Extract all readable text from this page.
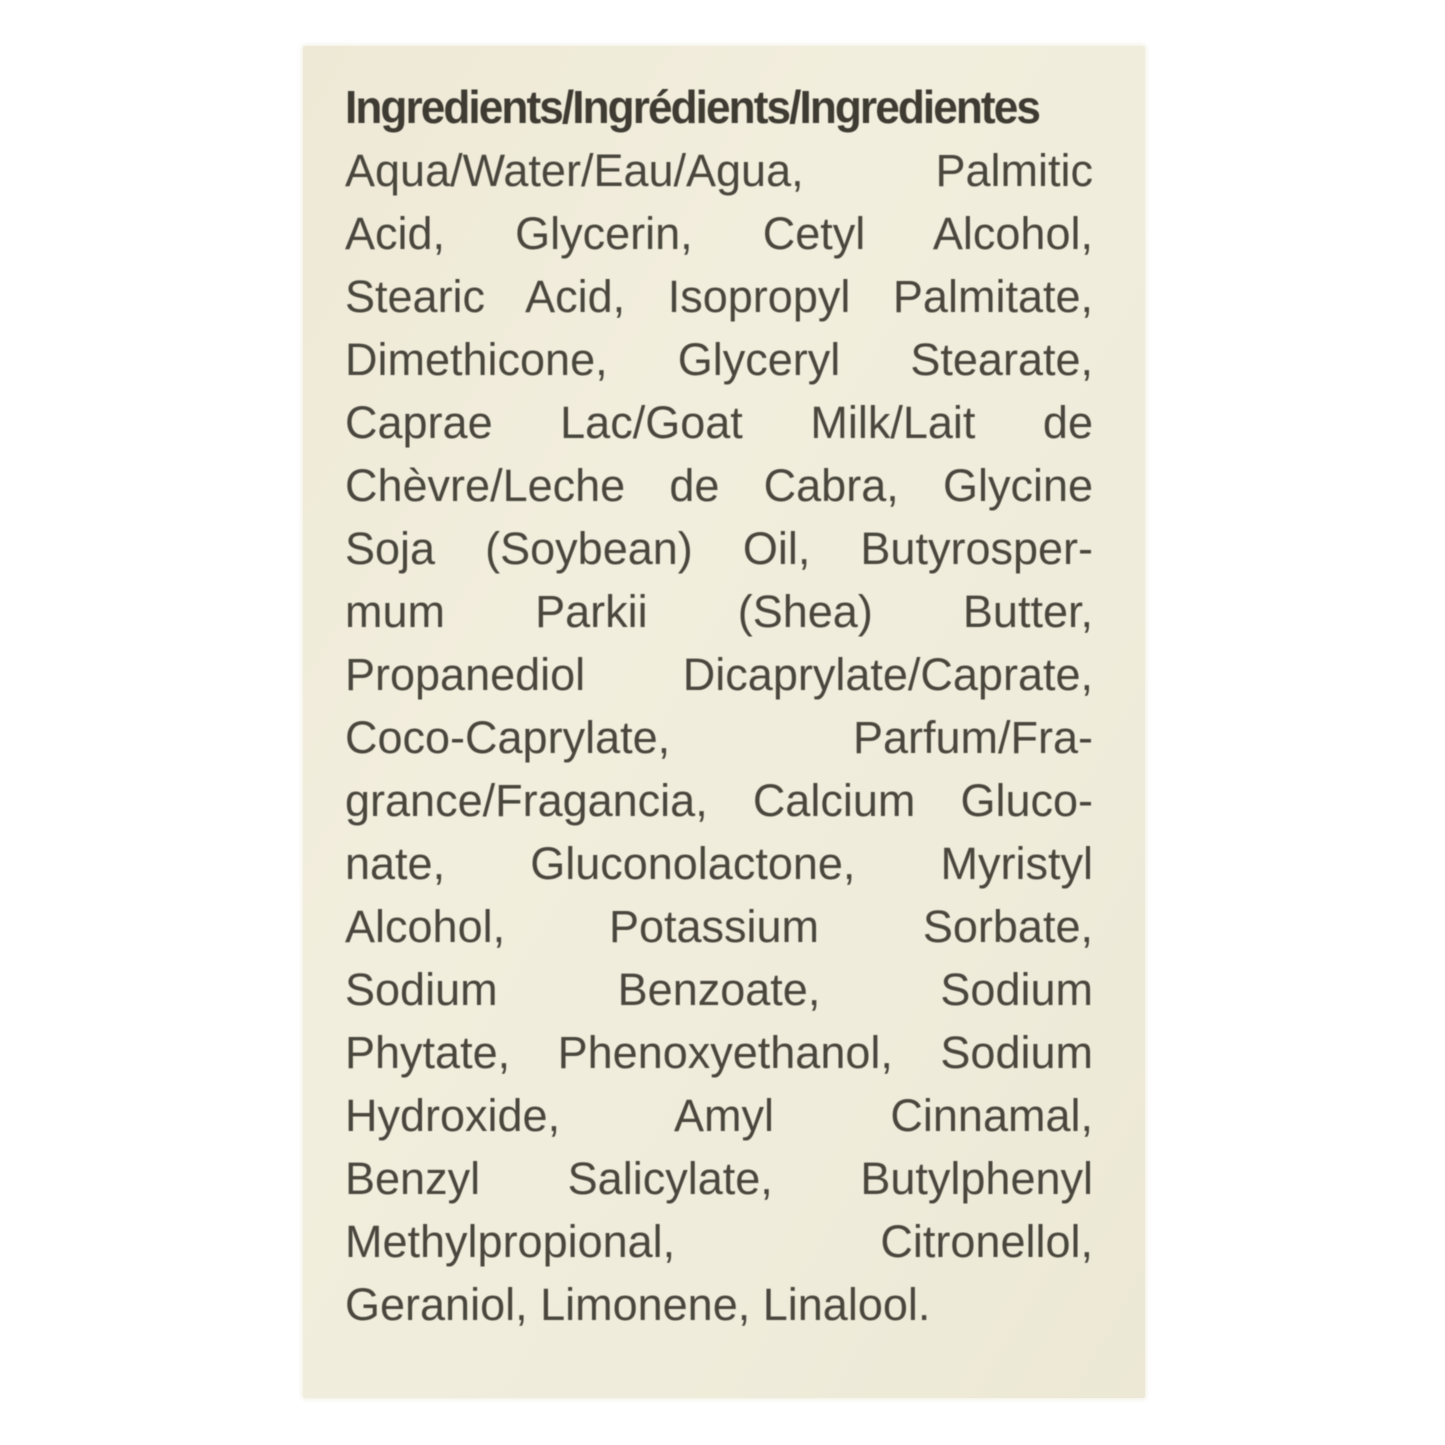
Ingredients/Ingrédients/Ingredientes
Aqua/Water/Eau/Agua, Palmitic
Acid, Glycerin, Cetyl Alcohol,
Stearic Acid, Isopropyl Palmitate,
Dimethicone, Glyceryl Stearate,
Caprae Lac/Goat Milk/Lait de
Chèvre/Leche de Cabra, Glycine
Soja (Soybean) Oil, Butyrosper-
mum Parkii (Shea) Butter,
Propanediol Dicaprylate/Caprate,
Coco-Caprylate, Parfum/Fra-
grance/Fragancia, Calcium Gluco-
nate, Gluconolactone, Myristyl
Alcohol, Potassium Sorbate,
Sodium Benzoate, Sodium
Phytate, Phenoxyethanol, Sodium
Hydroxide, Amyl Cinnamal,
Benzyl Salicylate, Butylphenyl
Methylpropional, Citronellol,
Geraniol, Limonene, Linalool.
